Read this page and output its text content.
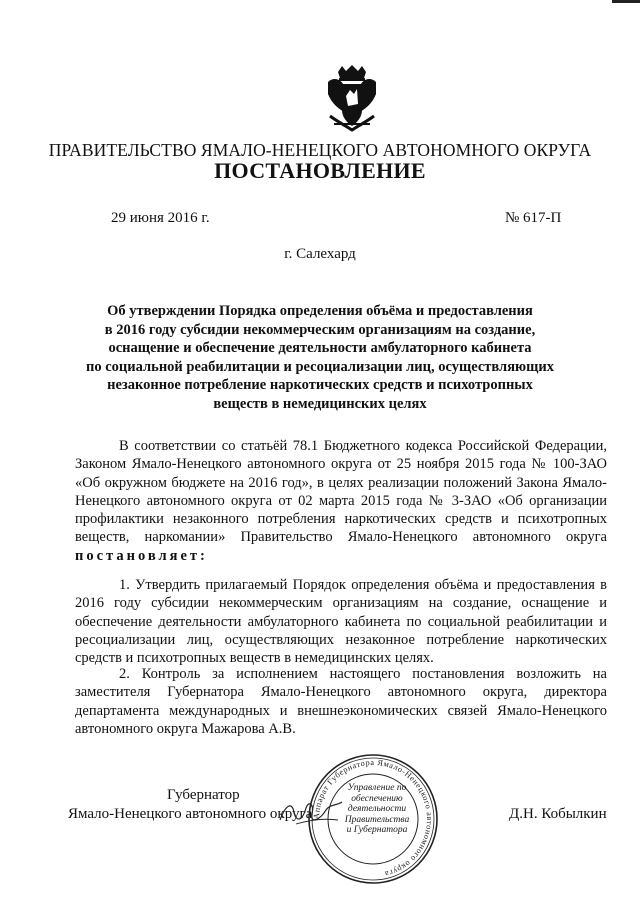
ПРАВИТЕЛЬСТВО ЯМАЛО-НЕНЕЦКОГО АВТОНОМНОГО ОКРУГА
ПОСТАНОВЛЕНИЕ
29 июня 2016 г.	№ 617-П
г. Салехард
Об утверждении Порядка определения объёма и предоставления
в 2016 году субсидии некоммерческим организациям на создание,
оснащение и обеспечение деятельности амбулаторного кабинета
по социальной реабилитации и ресоциализации лиц, осуществляющих
незаконное потребление наркотических средств и психотропных
веществ в немедицинских целях
В соответствии со статьёй 78.1 Бюджетного кодекса Российской Федерации, Законом Ямало-Ненецкого автономного округа от 25 ноября 2015 года № 100-ЗАО «Об окружном бюджете на 2016 год», в целях реализации положений Закона Ямало-Ненецкого автономного округа от 02 марта 2015 года № 3-ЗАО «Об организации профилактики незаконного потребления наркотических средств и психотропных веществ, наркомании» Правительство Ямало-Ненецкого автономного округа постановляет:
1. Утвердить прилагаемый Порядок определения объёма и предоставления в 2016 году субсидии некоммерческим организациям на создание, оснащение и обеспечение деятельности амбулаторного кабинета по социальной реабилитации и ресоциализации лиц, осуществляющих незаконное потребление наркотических средств и психотропных веществ в немедицинских целях.
2. Контроль за исполнением настоящего постановления возложить на заместителя Губернатора Ямало-Ненецкого автономного округа, директора департамента международных и внешнеэкономических связей Ямало-Ненецкого автономного округа Мажарова А.В.
Губернатор
Ямало-Ненецкого автономного округа	Д.Н. Кобылкин
Аппарат Губернатора Ямало-Ненецкого автономного округа
Управление по
обеспечению
деятельности
Правительства
и Губернатора
